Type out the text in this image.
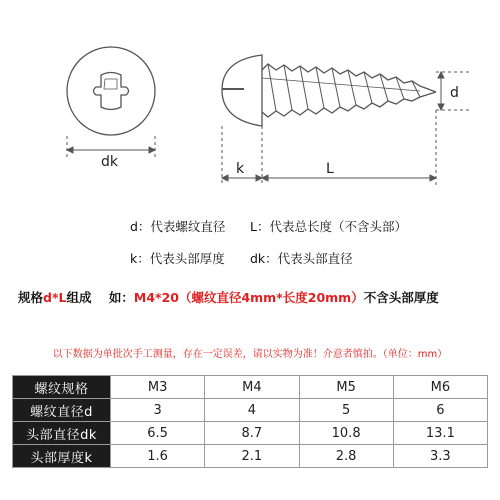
dk
d
k	L
d：代表螺纹直径 L：代表总长度（不含头部）
k：代表头部厚度 dk：代表头部直径
规格d*L组成    如：M4*20（螺纹直径4mm*长度20mm）不含头部厚度
以下数据为单批次手工测量，存在一定误差，请以实物为准！介意者慎拍。（单位：mm）
螺纹规格	M3	M4	M5	M6
螺纹直径d	3	4	5	6
头部直径dk	6.5	8.7	10.8	13.1
头部厚度k	1.6	2.1	2.8	3.3
